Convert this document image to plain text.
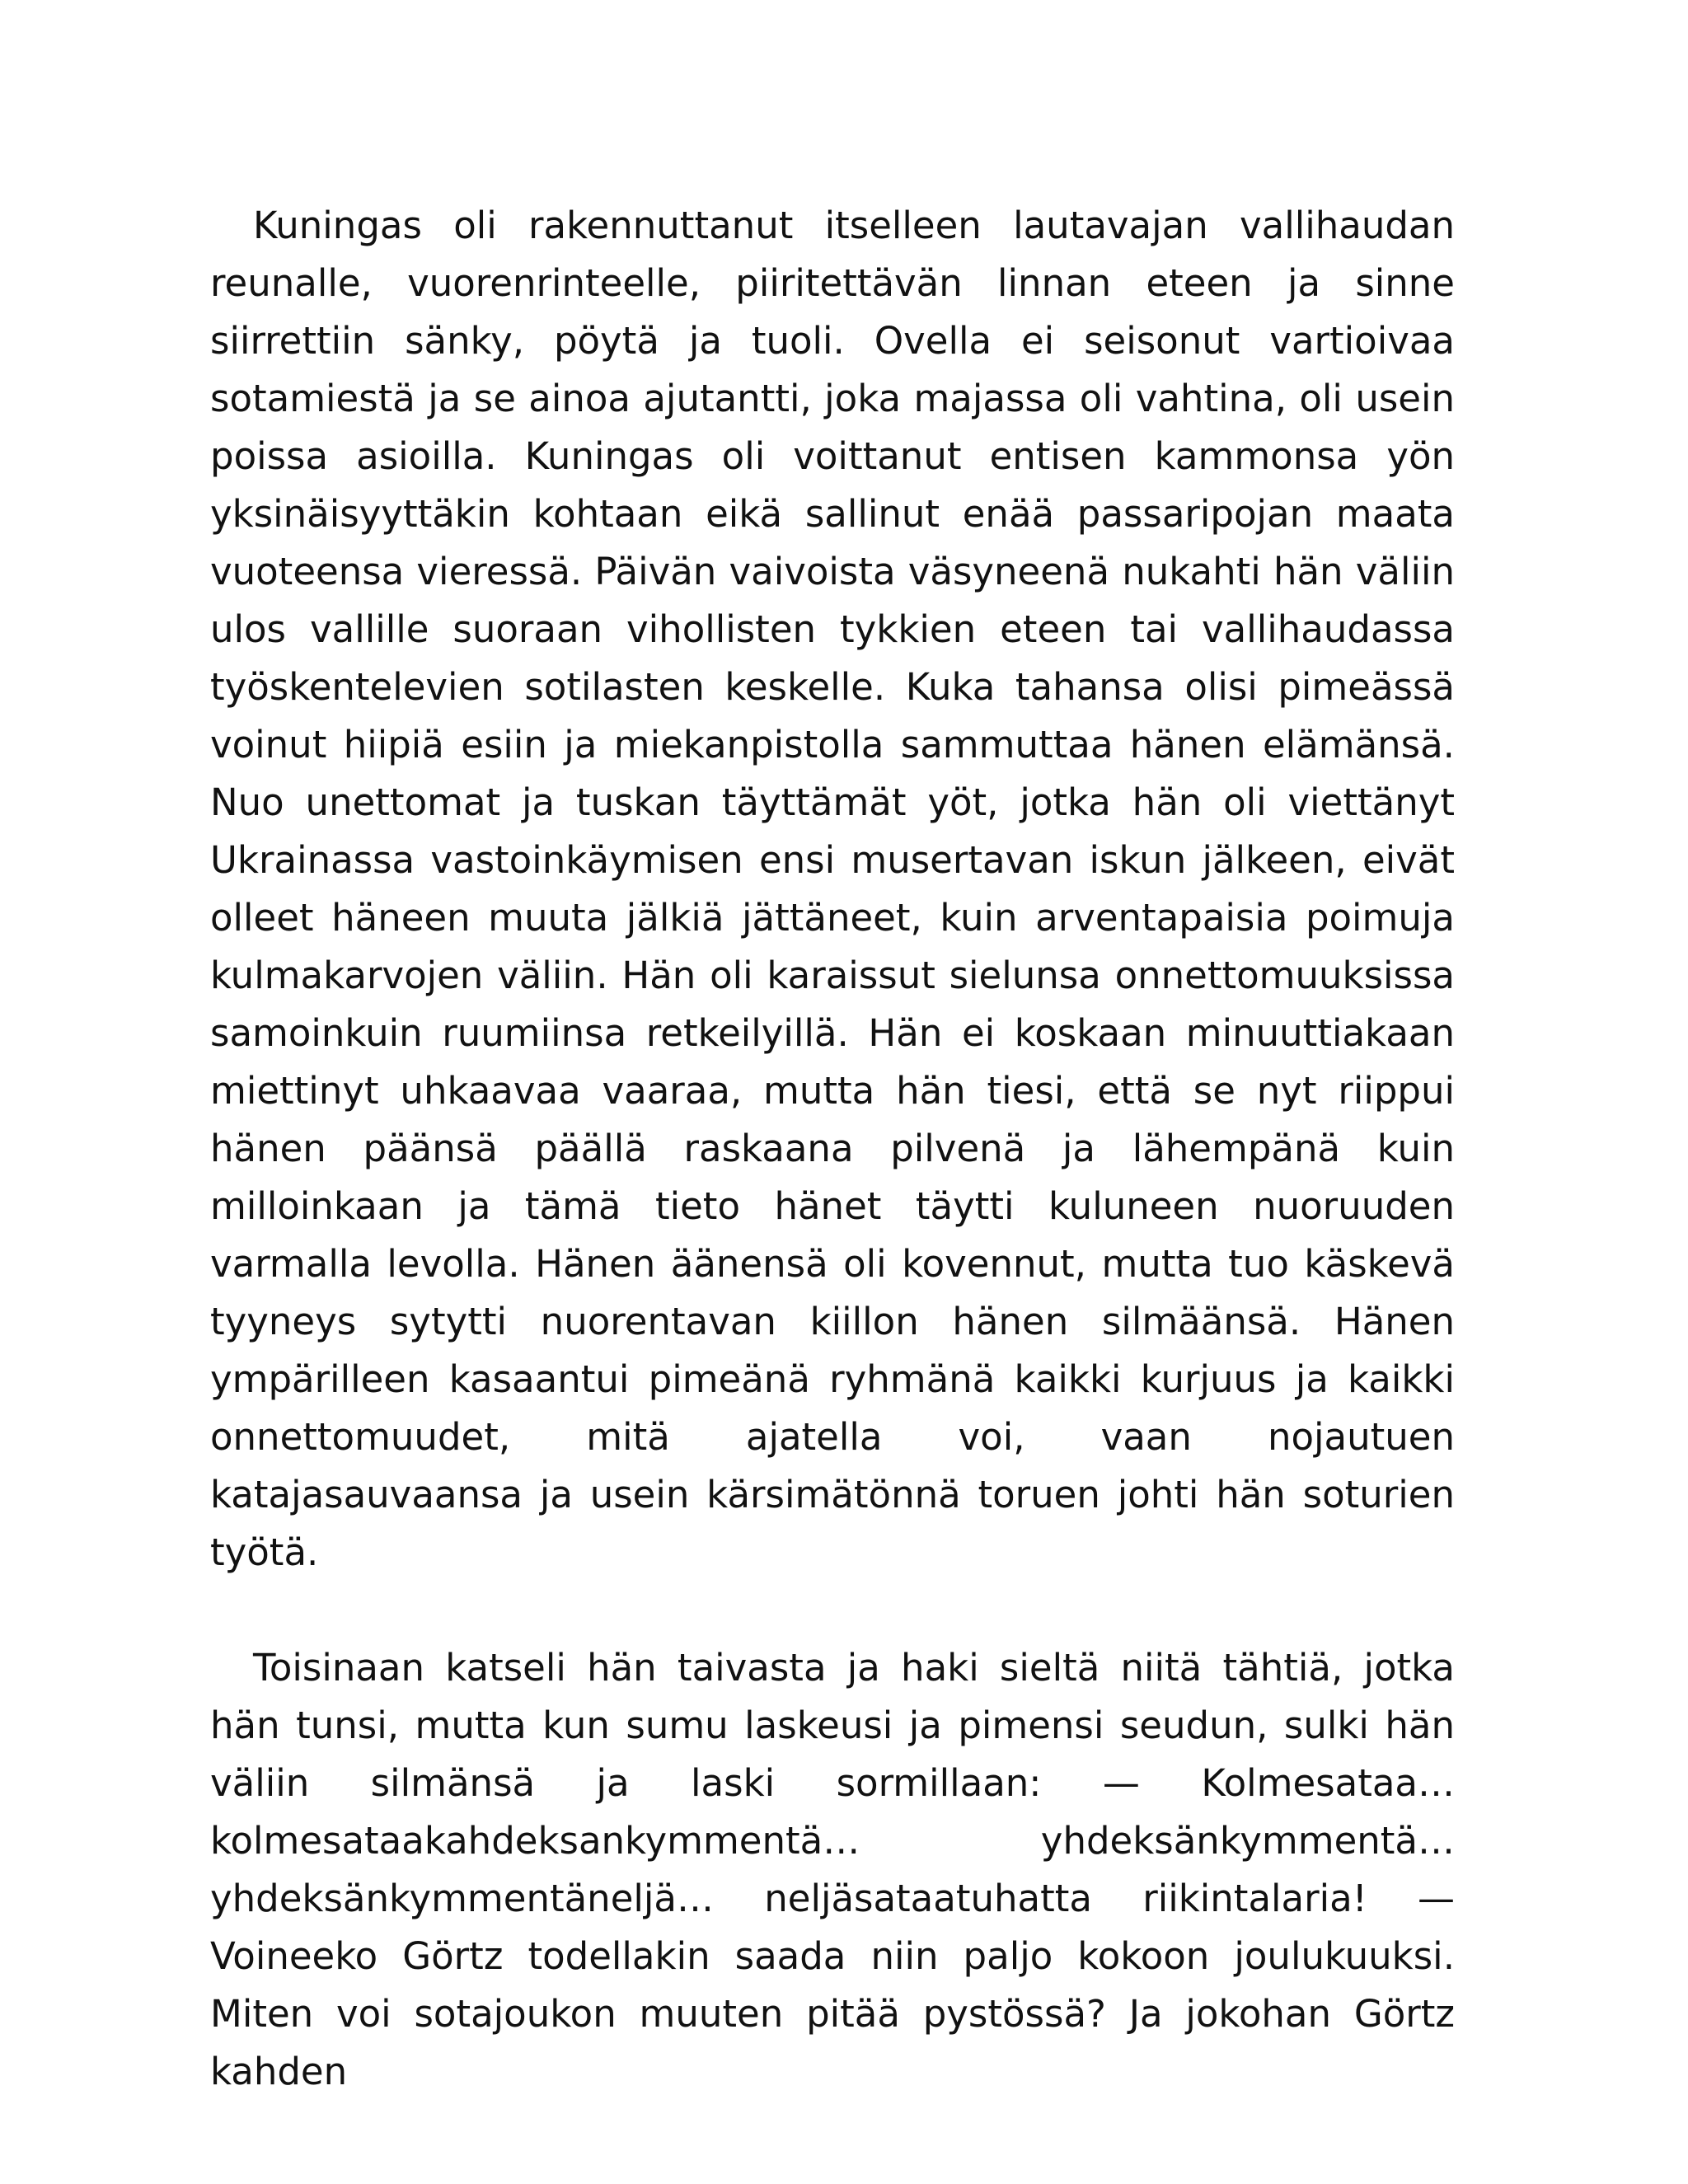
Kuningas oli rakennuttanut itselleen lautavajan vallihaudan reunalle, vuorenrinteelle, piiritettävän linnan eteen ja sinne siirrettiin sänky, pöytä ja tuoli. Ovella ei seisonut vartioivaa sotamiestä ja se ainoa ajutantti, joka majassa oli vahtina, oli usein poissa asioilla. Kuningas oli voittanut entisen kammonsa yön yksinäisyyttäkin kohtaan eikä sallinut enää passaripojan maata vuoteensa vieressä. Päivän vaivoista väsyneenä nukahti hän väliin ulos vallille suoraan vihollisten tykkien eteen tai vallihaudassa työskentelevien sotilasten keskelle. Kuka tahansa olisi pimeässä voinut hiipiä esiin ja miekanpistolla sammuttaa hänen elämänsä. Nuo unettomat ja tuskan täyttämät yöt, jotka hän oli viettänyt Ukrainassa vastoinkäymisen ensi musertavan iskun jälkeen, eivät olleet häneen muuta jälkiä jättäneet, kuin arventapaisia poimuja kulmakarvojen väliin. Hän oli karaissut sielunsa onnettomuuksissa samoinkuin ruumiinsa retkeilyillä. Hän ei koskaan minuuttiakaan miettinyt uhkaavaa vaaraa, mutta hän tiesi, että se nyt riippui hänen päänsä päällä raskaana pilvenä ja lähempänä kuin milloinkaan ja tämä tieto hänet täytti kuluneen nuoruuden varmalla levolla. Hänen äänensä oli kovennut, mutta tuo käskevä tyyneys sytytti nuorentavan kiillon hänen silmäänsä. Hänen ympärilleen kasaantui pimeänä ryhmänä kaikki kurjuus ja kaikki onnettomuudet, mitä ajatella voi, vaan nojautuen katajasauvaansa ja usein kärsimätönnä toruen johti hän soturien työtä.

Toisinaan katseli hän taivasta ja haki sieltä niitä tähtiä, jotka hän tunsi, mutta kun sumu laskeusi ja pimensi seudun, sulki hän väliin silmänsä ja laski sormillaan: — Kolmesataa… kolmesataakahdeksankymmentä… yhdeksänkymmentä… yhdeksänkymmentäneljä… neljäsataatuhatta riikintalaria! — Voineeko Görtz todellakin saada niin paljo kokoon joulukuuksi. Miten voi sotajoukon muuten pitää pystössä? Ja jokohan Görtz kahden
